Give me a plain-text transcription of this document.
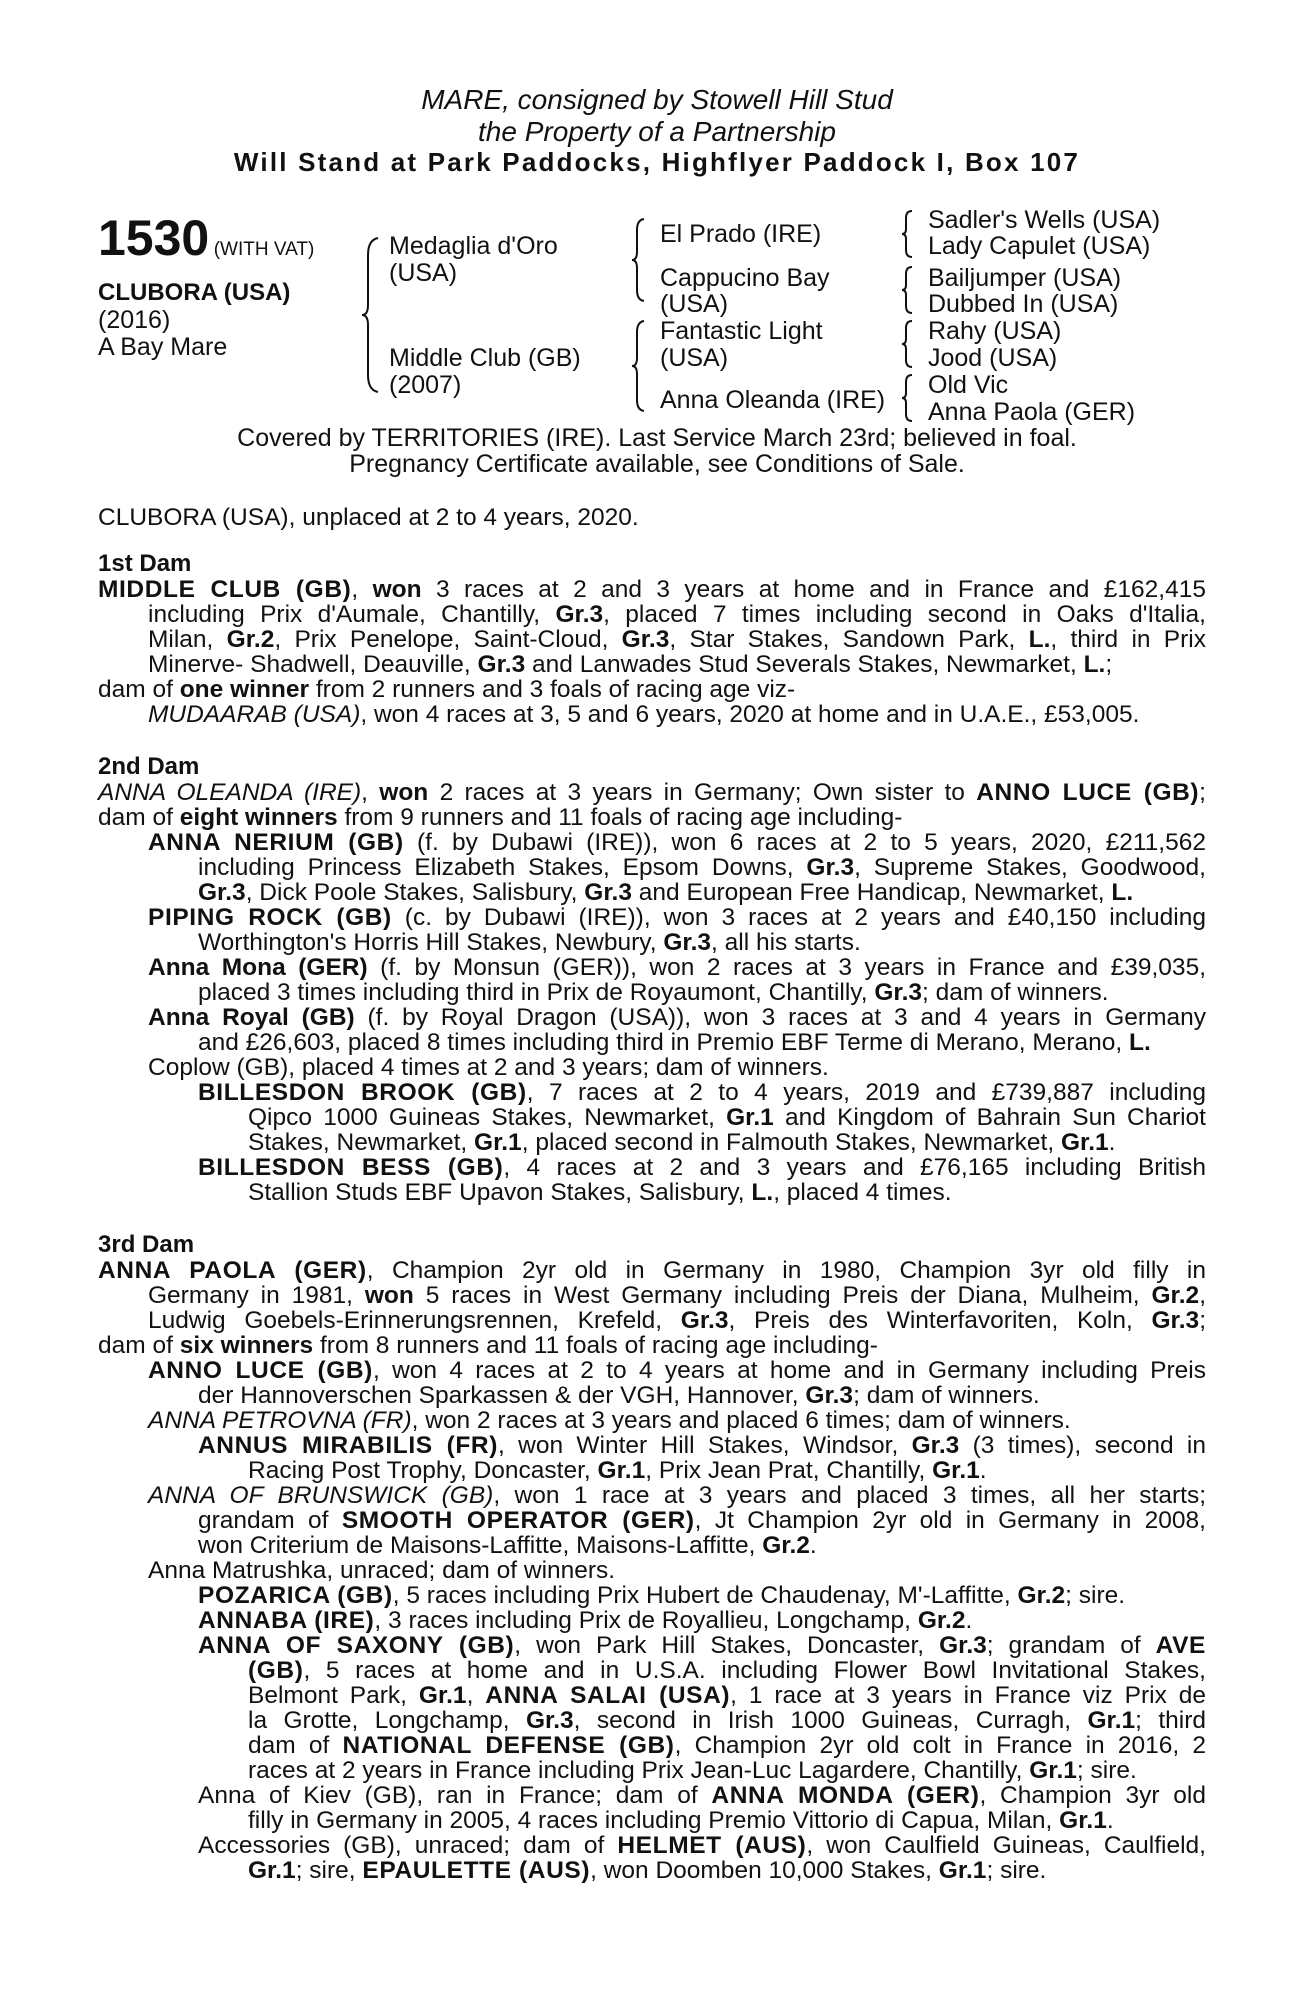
MARE, consigned by Stowell Hill Stud
the Property of a Partnership
Will Stand at Park Paddocks, Highflyer Paddock I, Box 107
1530 (WITH VAT)
CLUBORA (USA)
(2016)
A Bay Mare
Medaglia d'Oro
(USA)
Middle Club (GB)
(2007)
El Prado (IRE)
Cappucino Bay
(USA)
Fantastic Light
(USA)
Anna Oleanda (IRE)
Sadler's Wells (USA)
Lady Capulet (USA)
Bailjumper (USA)
Dubbed In (USA)
Rahy (USA)
Jood (USA)
Old Vic
Anna Paola (GER)
Covered by TERRITORIES (IRE). Last Service March 23rd; believed in foal.
Pregnancy Certificate available, see Conditions of Sale.
CLUBORA (USA), unplaced at 2 to 4 years, 2020.
1st Dam
MIDDLE CLUB (GB), won 3 races at 2 and 3 years at home and in France and £162,415
including Prix d'Aumale, Chantilly, Gr.3, placed 7 times including second in Oaks d'Italia,
Milan, Gr.2, Prix Penelope, Saint-Cloud, Gr.3, Star Stakes, Sandown Park, L., third in Prix
Minerve- Shadwell, Deauville, Gr.3 and Lanwades Stud Severals Stakes, Newmarket, L.;
dam of one winner from 2 runners and 3 foals of racing age viz-
MUDAARAB (USA), won 4 races at 3, 5 and 6 years, 2020 at home and in U.A.E., £53,005.
2nd Dam
ANNA OLEANDA (IRE), won 2 races at 3 years in Germany; Own sister to ANNO LUCE (GB);
dam of eight winners from 9 runners and 11 foals of racing age including-
ANNA NERIUM (GB) (f. by Dubawi (IRE)), won 6 races at 2 to 5 years, 2020, £211,562
including Princess Elizabeth Stakes, Epsom Downs, Gr.3, Supreme Stakes, Goodwood,
Gr.3, Dick Poole Stakes, Salisbury, Gr.3 and European Free Handicap, Newmarket, L.
PIPING ROCK (GB) (c. by Dubawi (IRE)), won 3 races at 2 years and £40,150 including
Worthington's Horris Hill Stakes, Newbury, Gr.3, all his starts.
Anna Mona (GER) (f. by Monsun (GER)), won 2 races at 3 years in France and £39,035,
placed 3 times including third in Prix de Royaumont, Chantilly, Gr.3; dam of winners.
Anna Royal (GB) (f. by Royal Dragon (USA)), won 3 races at 3 and 4 years in Germany
and £26,603, placed 8 times including third in Premio EBF Terme di Merano, Merano, L.
Coplow (GB), placed 4 times at 2 and 3 years; dam of winners.
BILLESDON BROOK (GB), 7 races at 2 to 4 years, 2019 and £739,887 including
Qipco 1000 Guineas Stakes, Newmarket, Gr.1 and Kingdom of Bahrain Sun Chariot
Stakes, Newmarket, Gr.1, placed second in Falmouth Stakes, Newmarket, Gr.1.
BILLESDON BESS (GB), 4 races at 2 and 3 years and £76,165 including British
Stallion Studs EBF Upavon Stakes, Salisbury, L., placed 4 times.
3rd Dam
ANNA PAOLA (GER), Champion 2yr old in Germany in 1980, Champion 3yr old filly in
Germany in 1981, won 5 races in West Germany including Preis der Diana, Mulheim, Gr.2,
Ludwig Goebels-Erinnerungsrennen, Krefeld, Gr.3, Preis des Winterfavoriten, Koln, Gr.3;
dam of six winners from 8 runners and 11 foals of racing age including-
ANNO LUCE (GB), won 4 races at 2 to 4 years at home and in Germany including Preis
der Hannoverschen Sparkassen & der VGH, Hannover, Gr.3; dam of winners.
ANNA PETROVNA (FR), won 2 races at 3 years and placed 6 times; dam of winners.
ANNUS MIRABILIS (FR), won Winter Hill Stakes, Windsor, Gr.3 (3 times), second in
Racing Post Trophy, Doncaster, Gr.1, Prix Jean Prat, Chantilly, Gr.1.
ANNA OF BRUNSWICK (GB), won 1 race at 3 years and placed 3 times, all her starts;
grandam of SMOOTH OPERATOR (GER), Jt Champion 2yr old in Germany in 2008,
won Criterium de Maisons-Laffitte, Maisons-Laffitte, Gr.2.
Anna Matrushka, unraced; dam of winners.
POZARICA (GB), 5 races including Prix Hubert de Chaudenay, M'-Laffitte, Gr.2; sire.
ANNABA (IRE), 3 races including Prix de Royallieu, Longchamp, Gr.2.
ANNA OF SAXONY (GB), won Park Hill Stakes, Doncaster, Gr.3; grandam of AVE
(GB), 5 races at home and in U.S.A. including Flower Bowl Invitational Stakes,
Belmont Park, Gr.1, ANNA SALAI (USA), 1 race at 3 years in France viz Prix de
la Grotte, Longchamp, Gr.3, second in Irish 1000 Guineas, Curragh, Gr.1; third
dam of NATIONAL DEFENSE (GB), Champion 2yr old colt in France in 2016, 2
races at 2 years in France including Prix Jean-Luc Lagardere, Chantilly, Gr.1; sire.
Anna of Kiev (GB), ran in France; dam of ANNA MONDA (GER), Champion 3yr old
filly in Germany in 2005, 4 races including Premio Vittorio di Capua, Milan, Gr.1.
Accessories (GB), unraced; dam of HELMET (AUS), won Caulfield Guineas, Caulfield,
Gr.1; sire, EPAULETTE (AUS), won Doomben 10,000 Stakes, Gr.1; sire.
